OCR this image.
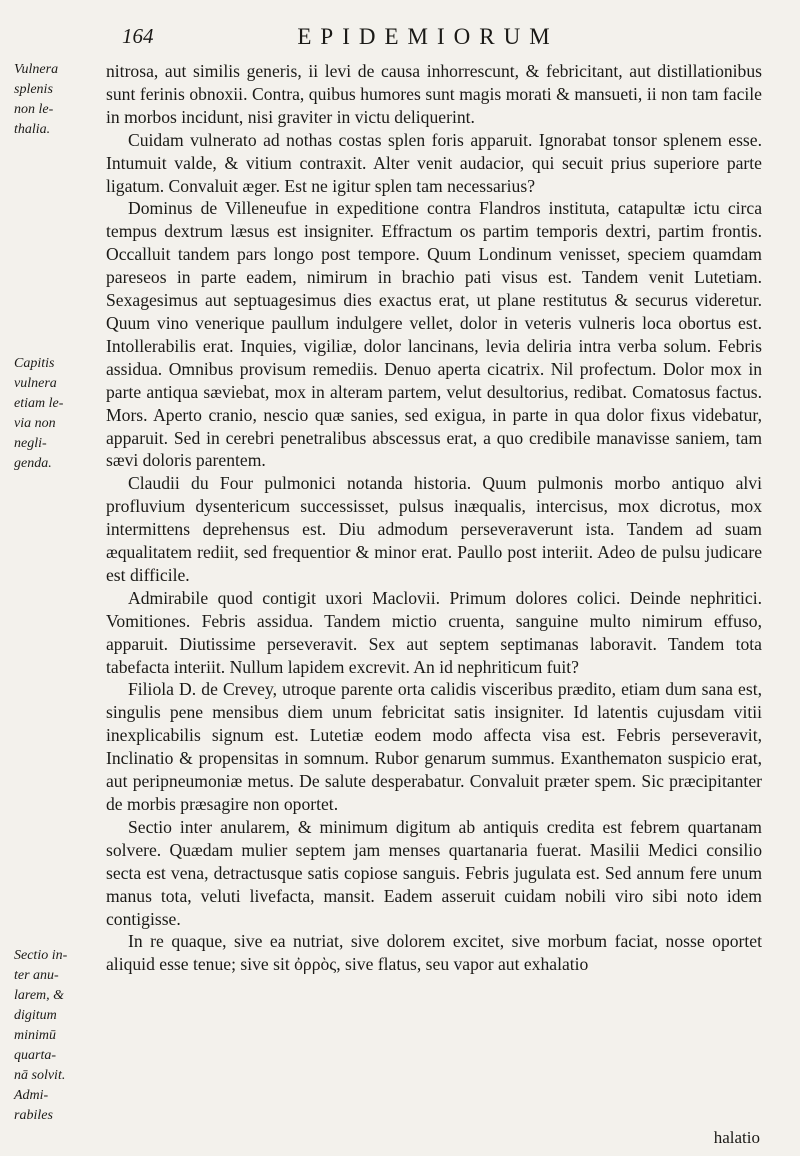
164	EPIDEMIORUM
Vulnera
splenis
non le-
thalia.
Capitis
vulnera
etiam le-
via non
negli-
genda.
Sectio in-
ter anu-
larem, &
digitum
minimū
quarta-
nā solvit.
Admi-
rabiles

nitrosa, aut similis generis, ii levi de causa inhorrescunt, & febricitant, aut distillationibus sunt ferinis obnoxii. Contra, quibus humores sunt magis morati & mansueti, ii non tam facile in morbos incidunt, nisi graviter in victu deliquerint.

Cuidam vulnerato ad nothas costas splen foris apparuit. Ignorabat tonsor splenem esse. Intumuit valde, & vitium contraxit. Alter venit audacior, qui secuit prius superiore parte ligatum. Convaluit æger. Est ne igitur splen tam necessarius?

Dominus de Villeneufue in expeditione contra Flandros instituta, catapultæ ictu circa tempus dextrum læsus est insigniter. Effractum os partim temporis dextri, partim frontis. Occalluit tandem pars longo post tempore. Quum Londinum venisset, speciem quamdam pareseos in parte eadem, nimirum in brachio pati visus est. Tandem venit Lutetiam. Sexagesimus aut septuagesimus dies exactus erat, ut plane restitutus & securus videretur. Quum vino venerique paullum indulgere vellet, dolor in veteris vulneris loca obortus est. Intollerabilis erat. Inquies, vigiliæ, dolor lancinans, levia deliria intra verba solum. Febris assidua. Omnibus provisum remediis. Denuo aperta cicatrix. Nil profectum. Dolor mox in parte antiqua sæviebat, mox in alteram partem, velut desultorius, redibat. Comatosus factus. Mors. Aperto cranio, nescio quæ sanies, sed exigua, in parte in qua dolor fixus videbatur, apparuit. Sed in cerebri penetralibus abscessus erat, a quo credibile manavisse saniem, tam sævi doloris parentem.

Claudii du Four pulmonici notanda historia. Quum pulmonis morbo antiquo alvi profluvium dysentericum successisset, pulsus inæqualis, intercisus, mox dicrotus, mox intermittens deprehensus est. Diu admodum perseveraverunt ista. Tandem ad suam æqualitatem rediit, sed frequentior & minor erat. Paullo post interiit. Adeo de pulsu judicare est difficile.

Admirabile quod contigit uxori Maclovii. Primum dolores colici. Deinde nephritici. Vomitiones. Febris assidua. Tandem mictio cruenta, sanguine multo nimirum effuso, apparuit. Diutissime perseveravit. Sex aut septem septimanas laboravit. Tandem tota tabefacta interiit. Nullum lapidem excrevit. An id nephriticum fuit?

Filiola D. de Crevey, utroque parente orta calidis visceribus prædito, etiam dum sana est, singulis pene mensibus diem unum febricitat satis insigniter. Id latentis cujusdam vitii inexplicabilis signum est. Lutetiæ eodem modo affecta visa est. Febris perseveravit, Inclinatio & propensitas in somnum. Rubor genarum summus. Exanthematon suspicio erat, aut peripneumoniæ metus. De salute desperabatur. Convaluit præter spem. Sic præcipitanter de morbis præsagire non oportet.

Sectio inter anularem, & minimum digitum ab antiquis credita est febrem quartanam solvere. Quædam mulier septem jam menses quartanaria fuerat. Masilii Medici consilio secta est vena, detractusque satis copiose sanguis. Febris jugulata est. Sed annum fere unum manus tota, veluti livefacta, mansit. Eadem asseruit cuidam nobili viro sibi noto idem contigisse.

In re quaque, sive ea nutriat, sive dolorem excitet, sive morbum faciat, nosse oportet aliquid esse tenue; sive sit ὀρρὸς, sive flatus, seu vapor aut exhalatio

halatio
